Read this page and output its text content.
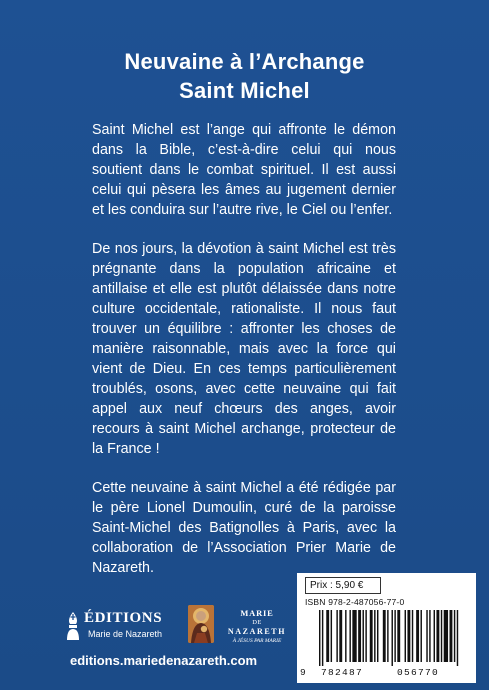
Neuvaine à l’Archange
Saint Michel

Saint Michel est l’ange qui affronte le démon dans la Bible, c’est-à-dire celui qui nous soutient dans le combat spirituel. Il est aussi celui qui pèsera les âmes au jugement dernier et les conduira sur l’autre rive, le Ciel ou l’enfer.

De nos jours, la dévotion à saint Michel est très prégnante dans la population africaine et antillaise et elle est plutôt délaissée dans notre culture occidentale, rationaliste. Il nous faut trouver un équilibre : affronter les choses de manière raisonnable, mais avec la force qui vient de Dieu. En ces temps particulièrement troublés, osons, avec cette neuvaine qui fait appel aux neuf chœurs des anges, avoir recours à saint Michel archange, protecteur de la France !

Cette neuvaine à saint Michel a été rédigée par le père Lionel Dumoulin, curé de la paroisse Saint-Michel des Batignolles à Paris, avec la collaboration de l’Association Prier Marie de Nazareth.

ÉDITIONS
Marie de Nazareth
MARIE
DE
NAZARETH
À JÉSUS PAR MARIE
editions.mariedenazareth.com
Prix : 5,90 €
ISBN 978-2-487056-77-0
9 782487	056770
